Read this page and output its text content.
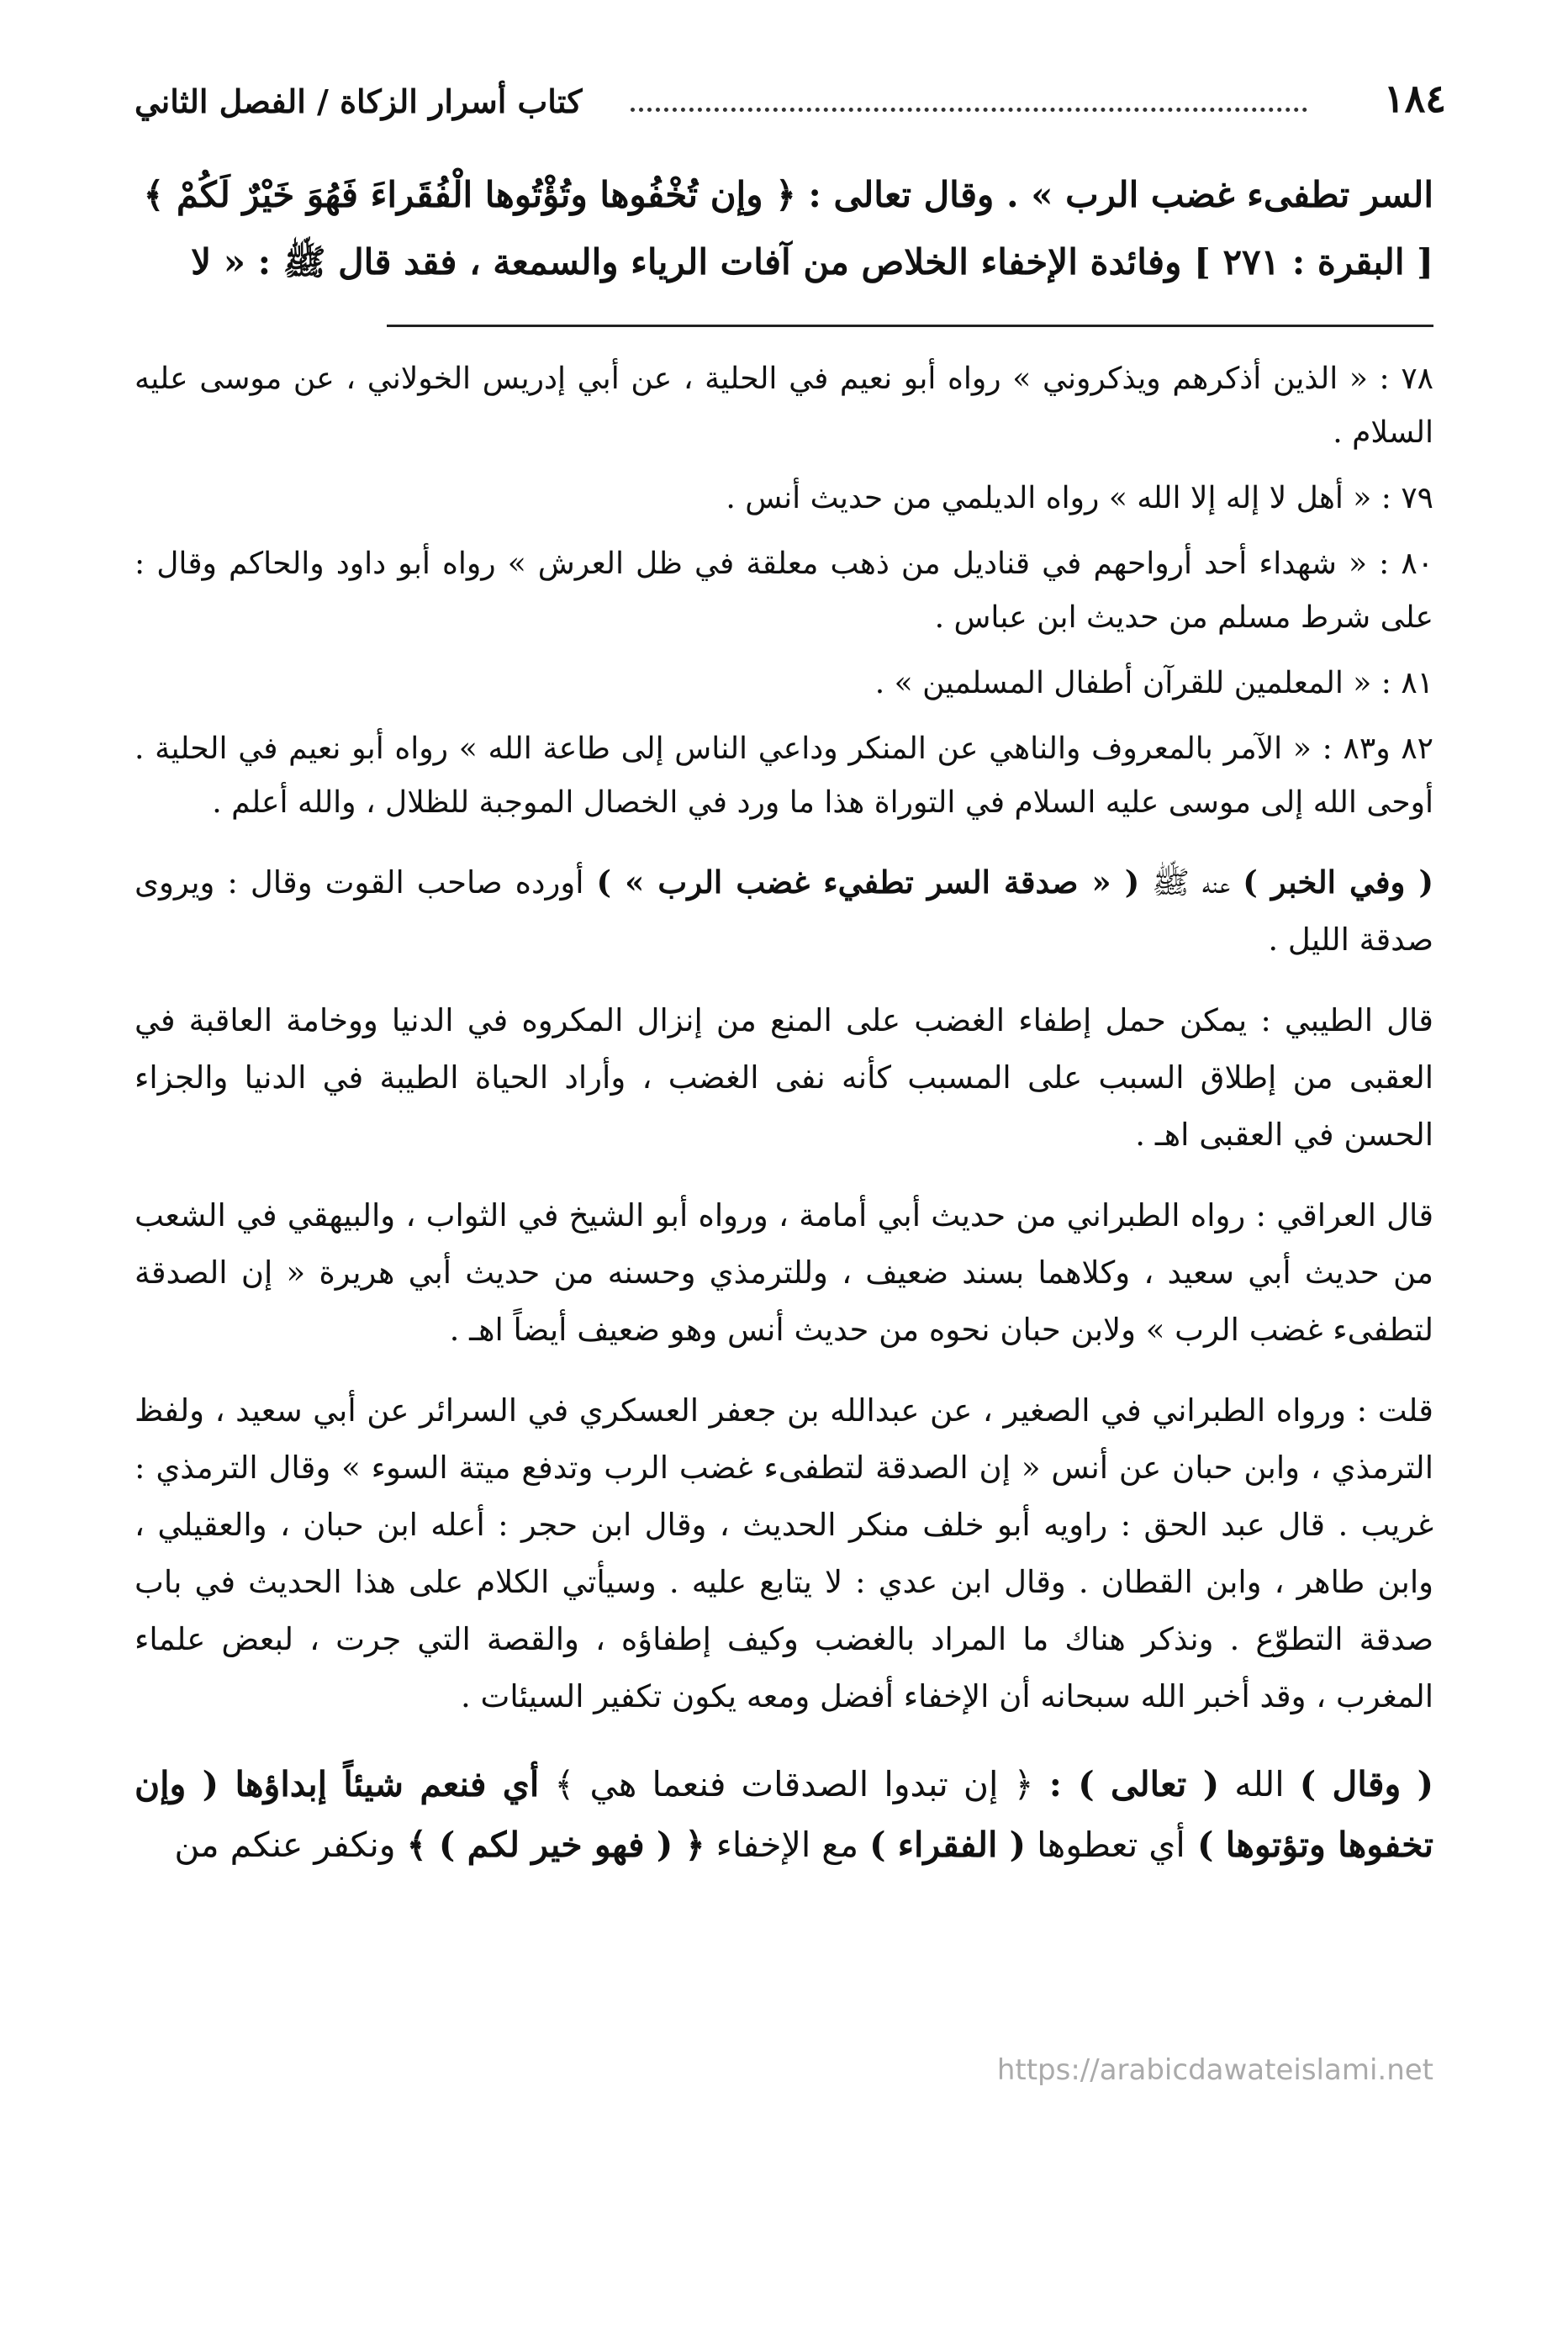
١٨٤
كتاب أسرار الزكاة / الفصل الثاني
السر تطفىء غضب الرب » . وقال تعالى : ﴿ وإن تُخْفُوها وتُؤْتُوها الْفُقَراءَ فَهُوَ خَيْرٌ لَكُمْ ﴾
[ البقرة : ٢٧١ ] وفائدة الإخفاء الخلاص من آفات الرياء والسمعة ، فقد قال ﷺ : « لا
٧٨ : « الذين أذكرهم ويذكروني » رواه أبو نعيم في الحلية ، عن أبي إدريس الخولاني ، عن موسى عليه السلام .
٧٩ : « أهل لا إله إلا الله » رواه الديلمي من حديث أنس .
٨٠ : « شهداء أحد أرواحهم في قناديل من ذهب معلقة في ظل العرش » رواه أبو داود والحاكم وقال : على شرط مسلم من حديث ابن عباس .
٨١ : « المعلمين للقرآن أطفال المسلمين » .
٨٢ و٨٣ : « الآمر بالمعروف والناهي عن المنكر وداعي الناس إلى طاعة الله » رواه أبو نعيم في الحلية . أوحى الله إلى موسى عليه السلام في التوراة هذا ما ورد في الخصال الموجبة للظلال ، والله أعلم .
( وفي الخبر ) عنه ﷺ ( « صدقة السر تطفيء غضب الرب » ) أورده صاحب القوت وقال : ويروى صدقة الليل .
قال الطيبي : يمكن حمل إطفاء الغضب على المنع من إنزال المكروه في الدنيا ووخامة العاقبة في العقبى من إطلاق السبب على المسبب كأنه نفى الغضب ، وأراد الحياة الطيبة في الدنيا والجزاء الحسن في العقبى اهـ .
قال العراقي : رواه الطبراني من حديث أبي أمامة ، ورواه أبو الشيخ في الثواب ، والبيهقي في الشعب من حديث أبي سعيد ، وكلاهما بسند ضعيف ، وللترمذي وحسنه من حديث أبي هريرة « إن الصدقة لتطفىء غضب الرب » ولابن حبان نحوه من حديث أنس وهو ضعيف أيضاً اهـ .
قلت : ورواه الطبراني في الصغير ، عن عبدالله بن جعفر العسكري في السرائر عن أبي سعيد ، ولفظ الترمذي ، وابن حبان عن أنس « إن الصدقة لتطفىء غضب الرب وتدفع ميتة السوء » وقال الترمذي : غريب . قال عبد الحق : راويه أبو خلف منكر الحديث ، وقال ابن حجر : أعله ابن حبان ، والعقيلي ، وابن طاهر ، وابن القطان . وقال ابن عدي : لا يتابع عليه . وسيأتي الكلام على هذا الحديث في باب صدقة التطوّع . ونذكر هناك ما المراد بالغضب وكيف إطفاؤه ، والقصة التي جرت ، لبعض علماء المغرب ، وقد أخبر الله سبحانه أن الإخفاء أفضل ومعه يكون تكفير السيئات .
( وقال ) الله ( تعالى ) : ﴿ إن تبدوا الصدقات فنعما هي ﴾ أي فنعم شيئاً إبداؤها ( وإن تخفوها وتؤتوها ) أي تعطوها ( الفقراء ) مع الإخفاء ﴿ ( فهو خير لكم ) ﴾ ونكفر عنكم من
https://arabicdawateislami.net
